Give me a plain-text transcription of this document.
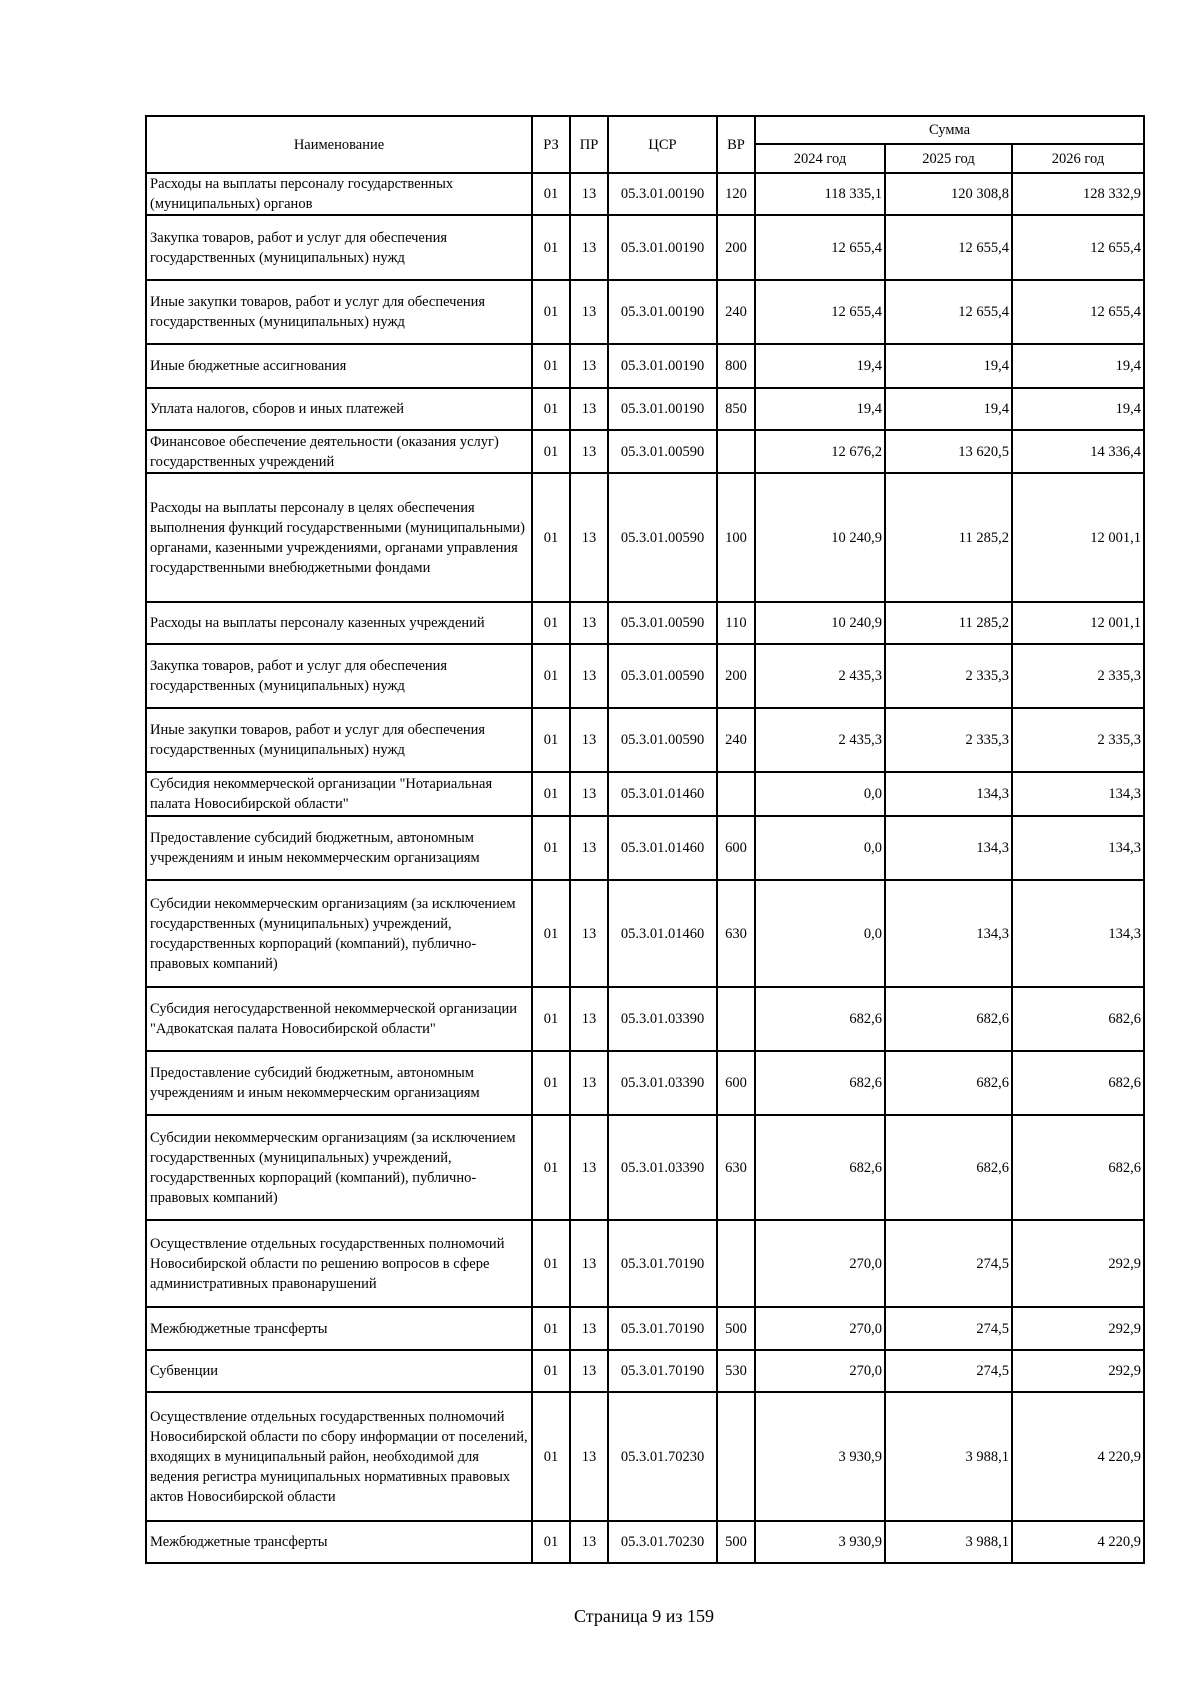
Наименование	РЗ	ПР	ЦСР	ВР	Сумма		
					2024 год	2025 год	2026 год
Расходы на выплаты персоналу государственных (муниципальных) органов	01	13	05.3.01.00190	120	118 335,1	120 308,8	128 332,9
Закупка товаров, работ и услуг для обеспечения государственных (муниципальных) нужд	01	13	05.3.01.00190	200	12 655,4	12 655,4	12 655,4
Иные закупки товаров, работ и услуг для обеспечения государственных (муниципальных) нужд	01	13	05.3.01.00190	240	12 655,4	12 655,4	12 655,4
Иные бюджетные ассигнования	01	13	05.3.01.00190	800	19,4	19,4	19,4
Уплата налогов, сборов и иных платежей	01	13	05.3.01.00190	850	19,4	19,4	19,4
Финансовое обеспечение деятельности (оказания услуг) государственных учреждений	01	13	05.3.01.00590		12 676,2	13 620,5	14 336,4
Расходы на выплаты персоналу в целях обеспечения выполнения функций государственными (муниципальными) органами, казенными учреждениями, органами управления государственными внебюджетными фондами	01	13	05.3.01.00590	100	10 240,9	11 285,2	12 001,1
Расходы на выплаты персоналу казенных учреждений	01	13	05.3.01.00590	110	10 240,9	11 285,2	12 001,1
Закупка товаров, работ и услуг для обеспечения государственных (муниципальных) нужд	01	13	05.3.01.00590	200	2 435,3	2 335,3	2 335,3
Иные закупки товаров, работ и услуг для обеспечения государственных (муниципальных) нужд	01	13	05.3.01.00590	240	2 435,3	2 335,3	2 335,3
Субсидия некоммерческой организации "Нотариальная палата Новосибирской области"	01	13	05.3.01.01460		0,0	134,3	134,3
Предоставление субсидий бюджетным, автономным учреждениям и иным некоммерческим организациям	01	13	05.3.01.01460	600	0,0	134,3	134,3
Субсидии некоммерческим организациям (за исключением государственных (муниципальных) учреждений, государственных корпораций (компаний), публично-правовых компаний)	01	13	05.3.01.01460	630	0,0	134,3	134,3
Субсидия негосударственной некоммерческой организации "Адвокатская палата Новосибирской области"	01	13	05.3.01.03390		682,6	682,6	682,6
Предоставление субсидий бюджетным, автономным учреждениям и иным некоммерческим организациям	01	13	05.3.01.03390	600	682,6	682,6	682,6
Субсидии некоммерческим организациям (за исключением государственных (муниципальных) учреждений, государственных корпораций (компаний), публично-правовых компаний)	01	13	05.3.01.03390	630	682,6	682,6	682,6
Осуществление отдельных государственных полномочий Новосибирской области по решению вопросов в сфере административных правонарушений	01	13	05.3.01.70190		270,0	274,5	292,9
Межбюджетные трансферты	01	13	05.3.01.70190	500	270,0	274,5	292,9
Субвенции	01	13	05.3.01.70190	530	270,0	274,5	292,9
Осуществление отдельных государственных полномочий Новосибирской области по сбору информации от поселений, входящих в муниципальный район, необходимой для ведения регистра муниципальных нормативных правовых актов Новосибирской области	01	13	05.3.01.70230		3 930,9	3 988,1	4 220,9
Межбюджетные трансферты	01	13	05.3.01.70230	500	3 930,9	3 988,1	4 220,9
Страница 9 из 159
